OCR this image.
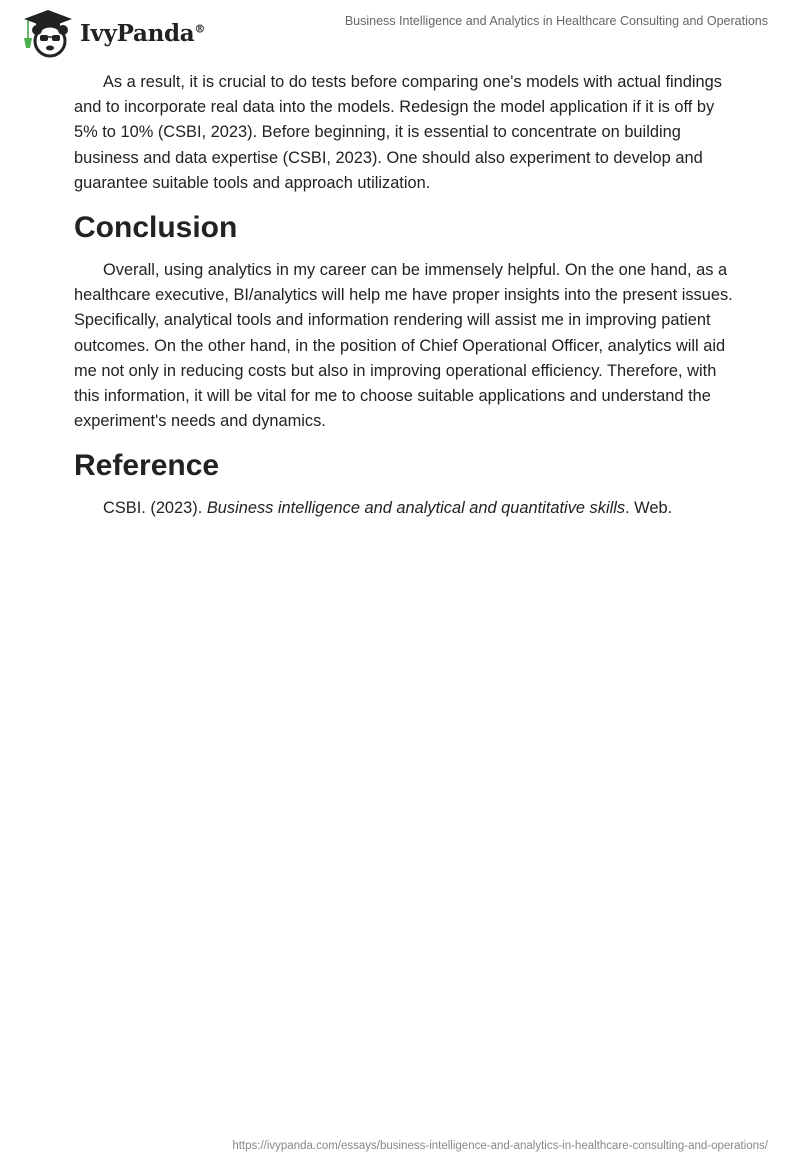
IvyPanda®
Business Intelligence and Analytics in Healthcare Consulting and Operations

As a result, it is crucial to do tests before comparing one's models with actual findings and to incorporate real data into the models. Redesign the model application if it is off by 5% to 10% (CSBI, 2023). Before beginning, it is essential to concentrate on building business and data expertise (CSBI, 2023). One should also experiment to develop and guarantee suitable tools and approach utilization.

Conclusion

Overall, using analytics in my career can be immensely helpful. On the one hand, as a healthcare executive, BI/analytics will help me have proper insights into the present issues. Specifically, analytical tools and information rendering will assist me in improving patient outcomes. On the other hand, in the position of Chief Operational Officer, analytics will aid me not only in reducing costs but also in improving operational efficiency. Therefore, with this information, it will be vital for me to choose suitable applications and understand the experiment's needs and dynamics.

Reference

CSBI. (2023). Business intelligence and analytical and quantitative skills. Web.

https://ivypanda.com/essays/business-intelligence-and-analytics-in-healthcare-consulting-and-operations/
